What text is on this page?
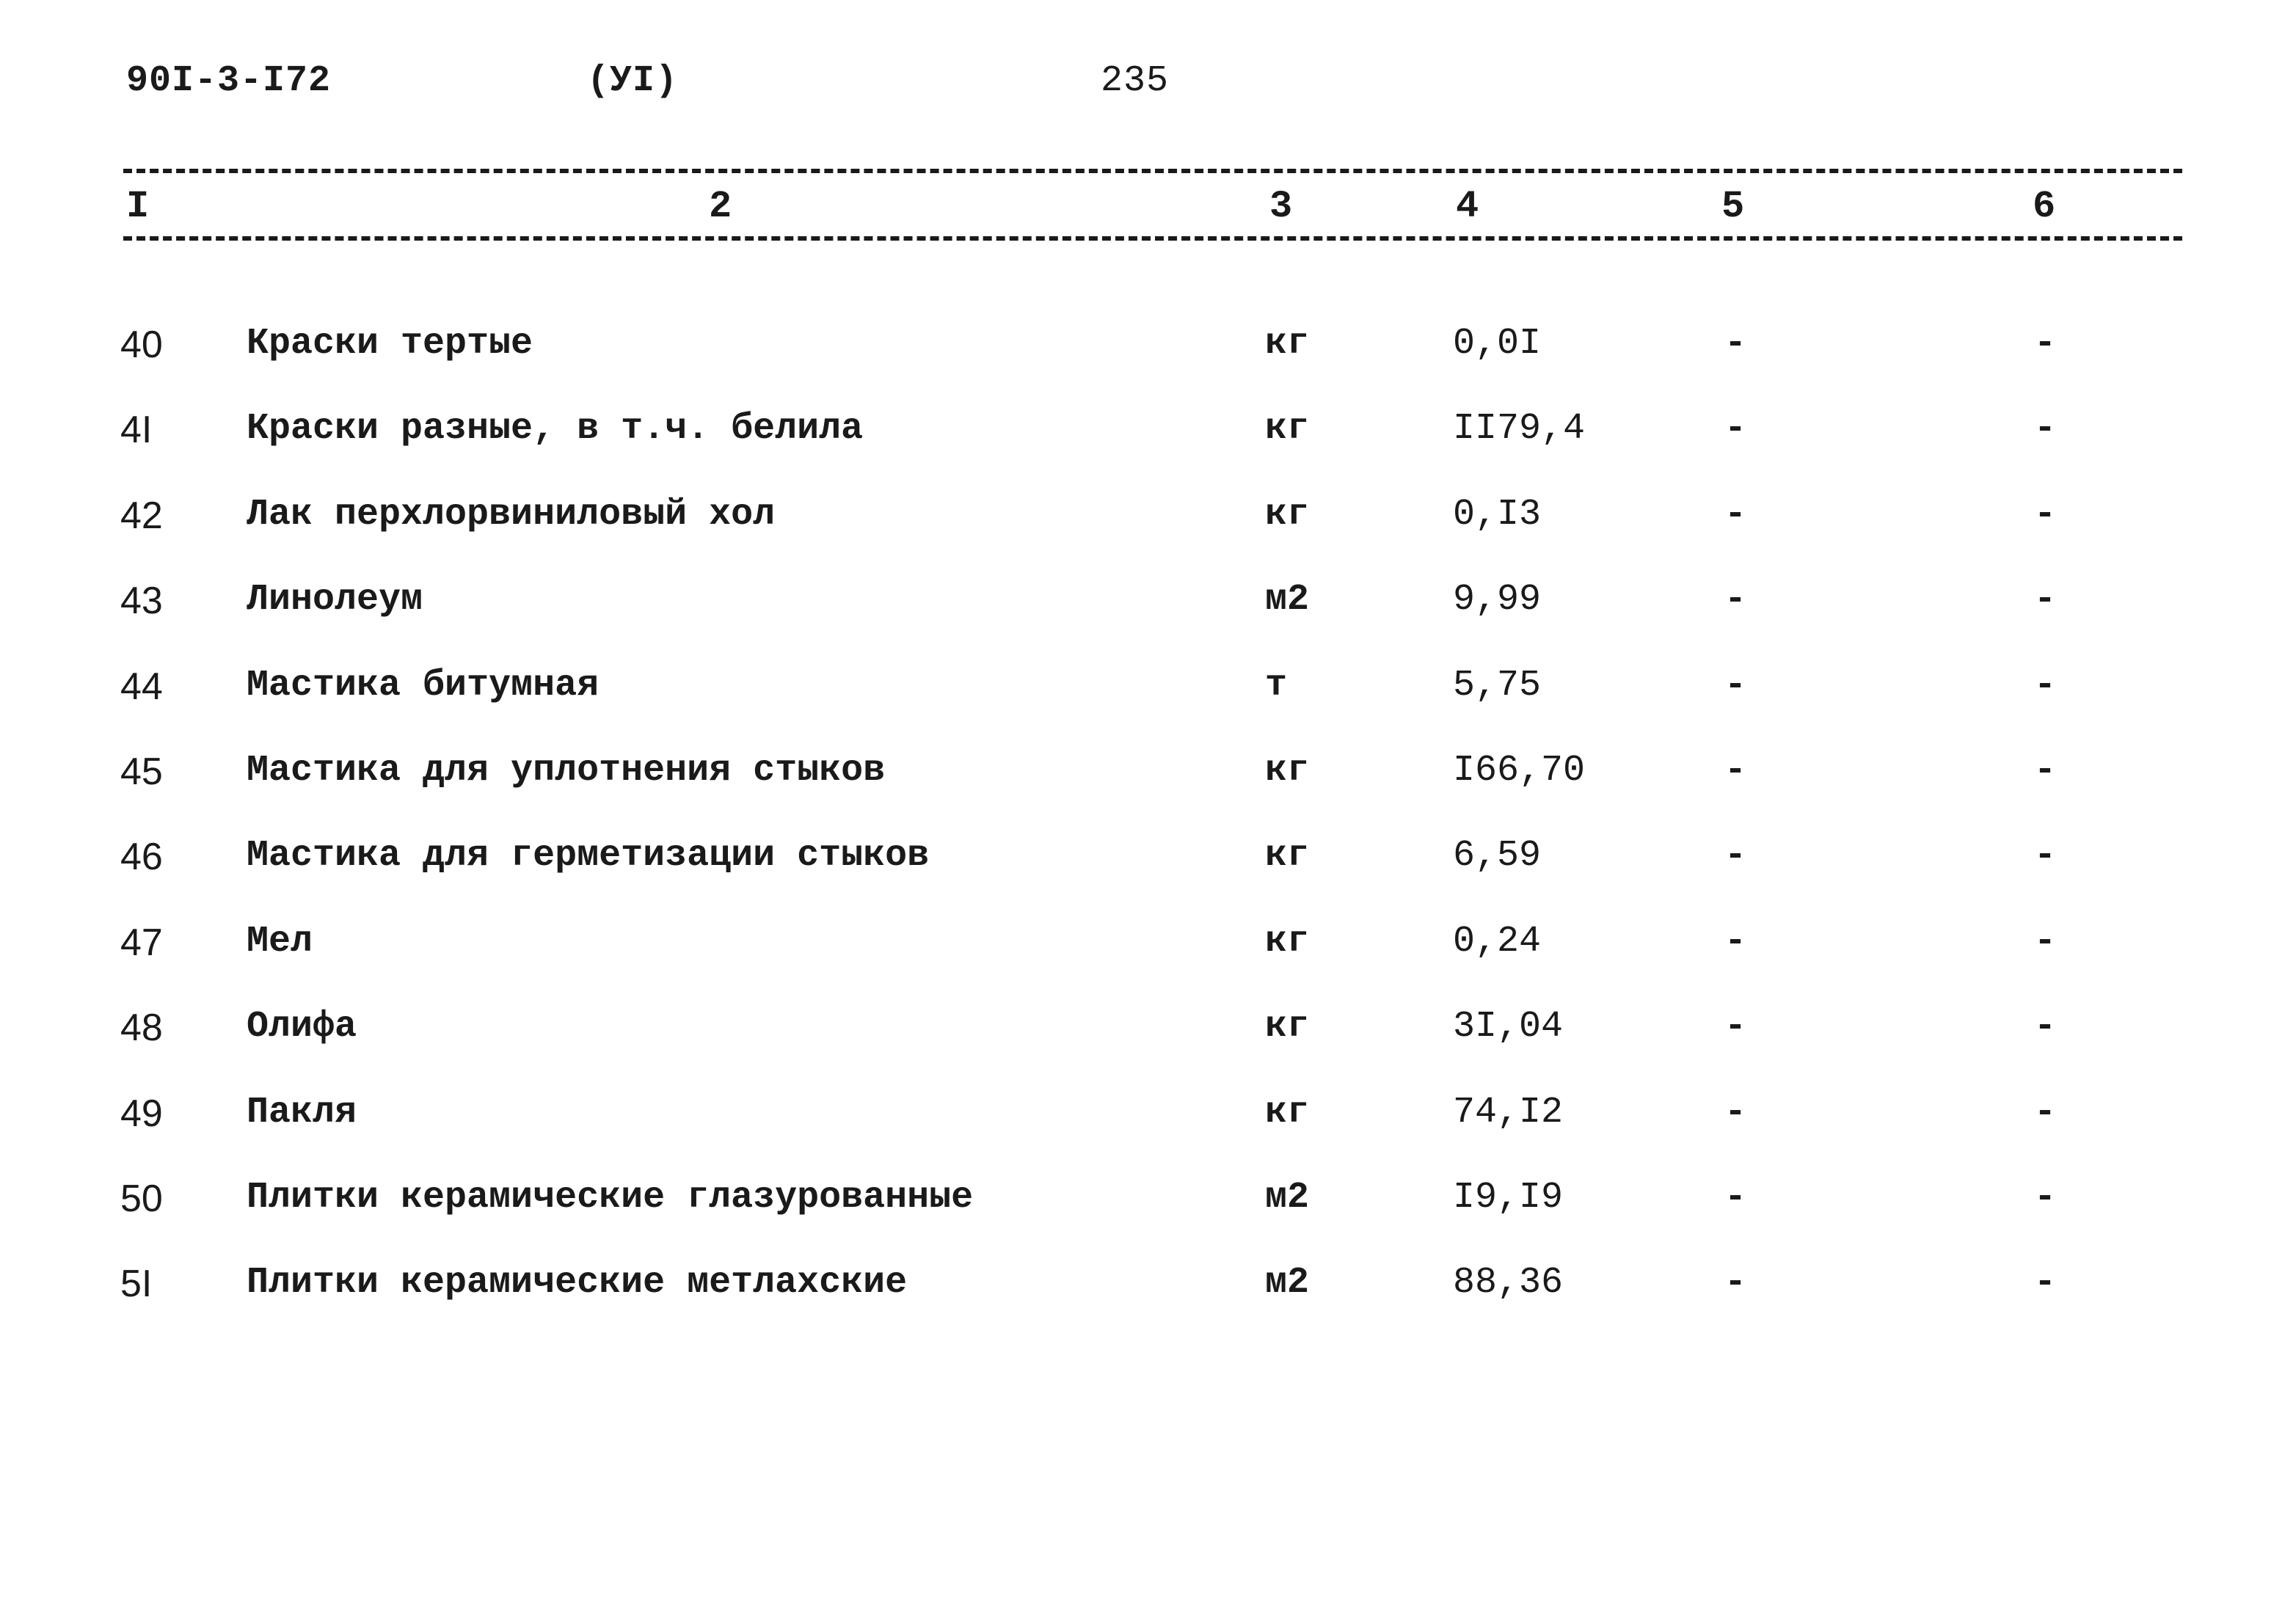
90I-3-I72	(УI)	235
I	2	3	4	5	6
40 Краски тертые	кг	0,0I	-	-
4I	Краски разные, в т.ч. белила	кг	II79,4	-	-
42 Лак перхлорвиниловый хол	кг	0,I3	-	-
43 Линолеум	м2	9,99	-	-
44 Мастика битумная	т	5,75	-	-
45 Мастика для уплотнения стыков	кг	I66,70	-	-
46 Мастика для герметизации стыков	кг	6,59	-	-
47 Мел	кг	0,24	-	-
48 Олифа	кг	3I,04	-	-
49 Пакля	кг	74,I2	-	-
50 Плитки керамические глазурованные	м2	I9,I9	-	-
5I	Плитки керамические метлахские	м2	88,36	-	-
